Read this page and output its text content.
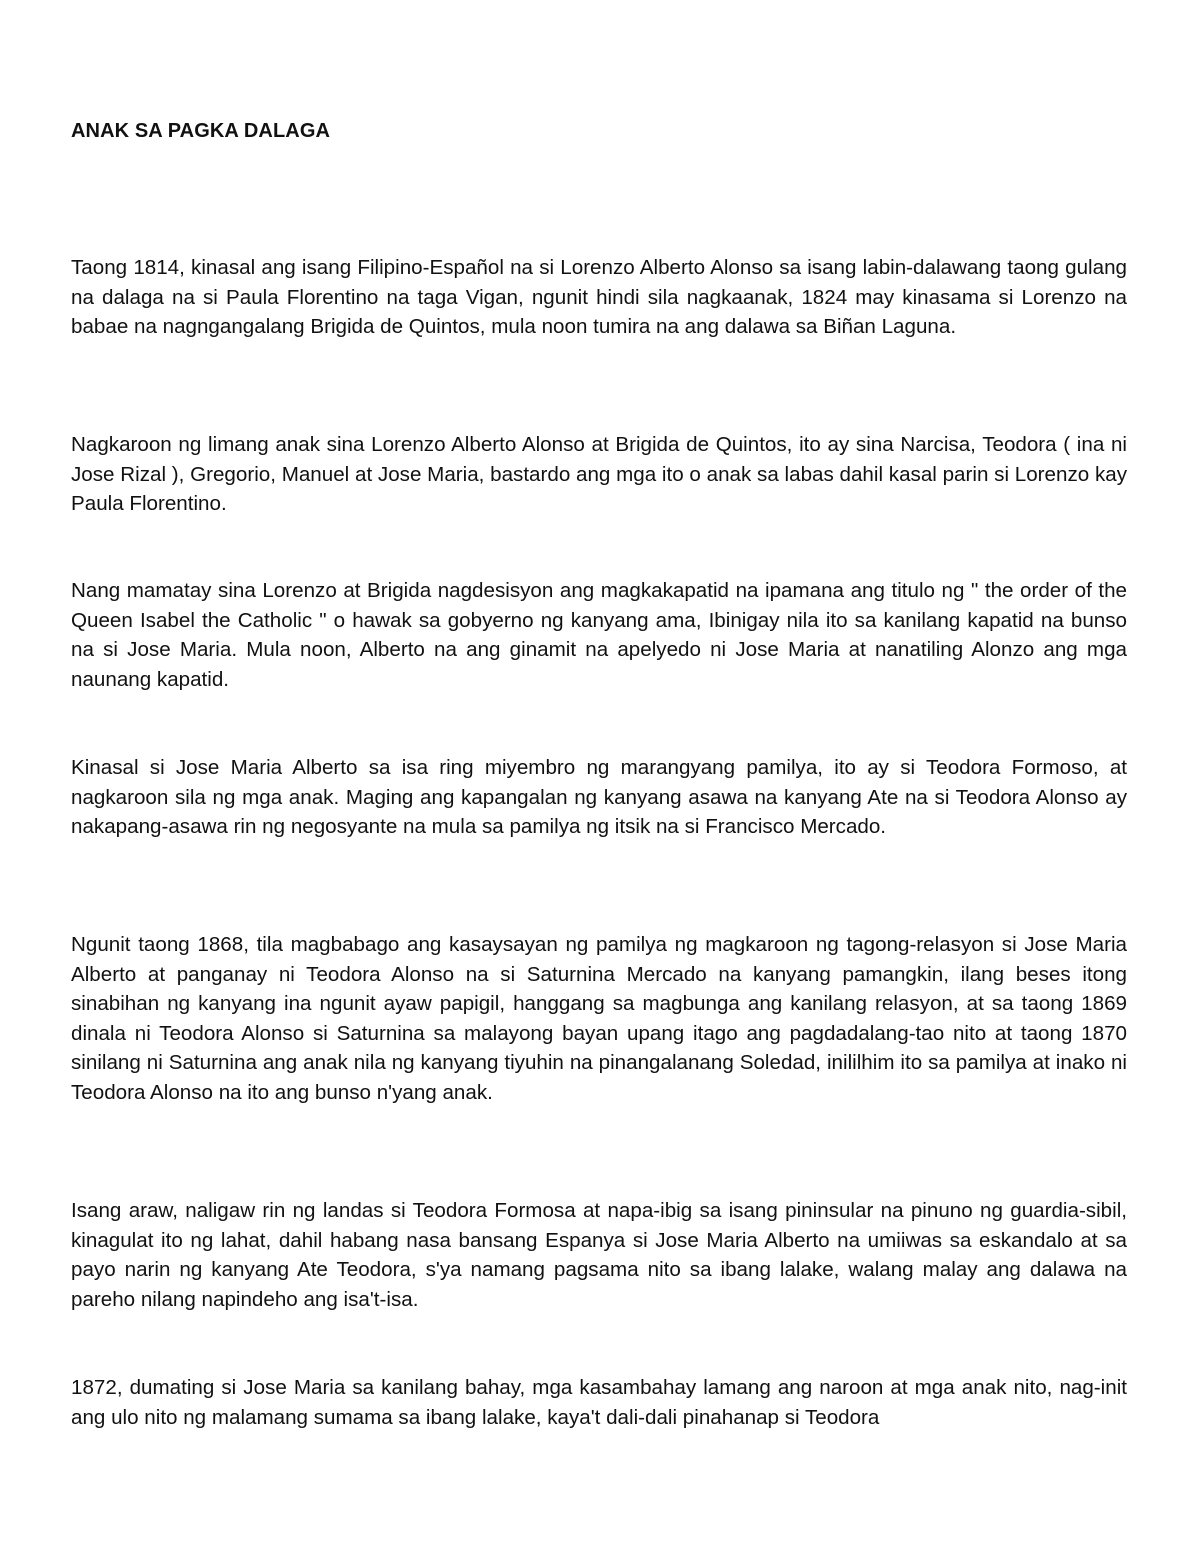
ANAK SA PAGKA DALAGA

Taong 1814, kinasal ang isang Filipino-Español na si Lorenzo Alberto Alonso sa isang labin-dalawang taong gulang na dalaga na si Paula Florentino na taga Vigan, ngunit hindi sila nagkaanak, 1824 may kinasama si Lorenzo na babae na nagngangalang Brigida de Quintos, mula noon tumira na ang dalawa sa Biñan Laguna.

Nagkaroon ng limang anak sina Lorenzo Alberto Alonso at Brigida de Quintos, ito ay sina Narcisa, Teodora ( ina ni Jose Rizal ), Gregorio, Manuel at Jose Maria, bastardo ang mga ito o anak sa labas dahil kasal parin si Lorenzo kay Paula Florentino.

Nang mamatay sina Lorenzo at Brigida nagdesisyon ang magkakapatid na ipamana ang titulo ng " the order of the Queen Isabel the Catholic " o hawak sa gobyerno ng kanyang ama, Ibinigay nila ito sa kanilang kapatid na bunso na si Jose Maria. Mula noon, Alberto na ang ginamit na apelyedo ni Jose Maria at nanatiling Alonzo ang mga naunang kapatid.

Kinasal si Jose Maria Alberto sa isa ring miyembro ng marangyang pamilya, ito ay si Teodora Formoso, at nagkaroon sila ng mga anak. Maging ang kapangalan ng kanyang asawa na kanyang Ate na si Teodora Alonso ay nakapang-asawa rin ng negosyante na mula sa pamilya ng itsik na si Francisco Mercado.

Ngunit taong 1868, tila magbabago ang kasaysayan ng pamilya ng magkaroon ng tagong-relasyon si Jose Maria Alberto at panganay ni Teodora Alonso na si Saturnina Mercado na kanyang pamangkin, ilang beses itong sinabihan ng kanyang ina ngunit ayaw papigil, hanggang sa magbunga ang kanilang relasyon, at sa taong 1869 dinala ni Teodora Alonso si Saturnina sa malayong bayan upang itago ang pagdadalang-tao nito at taong 1870 sinilang ni Saturnina ang anak nila ng kanyang tiyuhin na pinangalanang Soledad, inililhim ito sa pamilya at inako ni Teodora Alonso na ito ang bunso n'yang anak.

Isang araw, naligaw rin ng landas si Teodora Formosa at napa-ibig sa isang pininsular na pinuno ng guardia-sibil, kinagulat ito ng lahat, dahil habang nasa bansang Espanya si Jose Maria Alberto na umiiwas sa eskandalo at sa payo narin ng kanyang Ate Teodora, s'ya namang pagsama nito sa ibang lalake, walang malay ang dalawa na pareho nilang napindeho ang isa't-isa.

1872, dumating si Jose Maria sa kanilang bahay, mga kasambahay lamang ang naroon at mga anak nito, nag-init ang ulo nito ng malamang sumama sa ibang lalake, kaya't dali-dali pinahanap si Teodora
